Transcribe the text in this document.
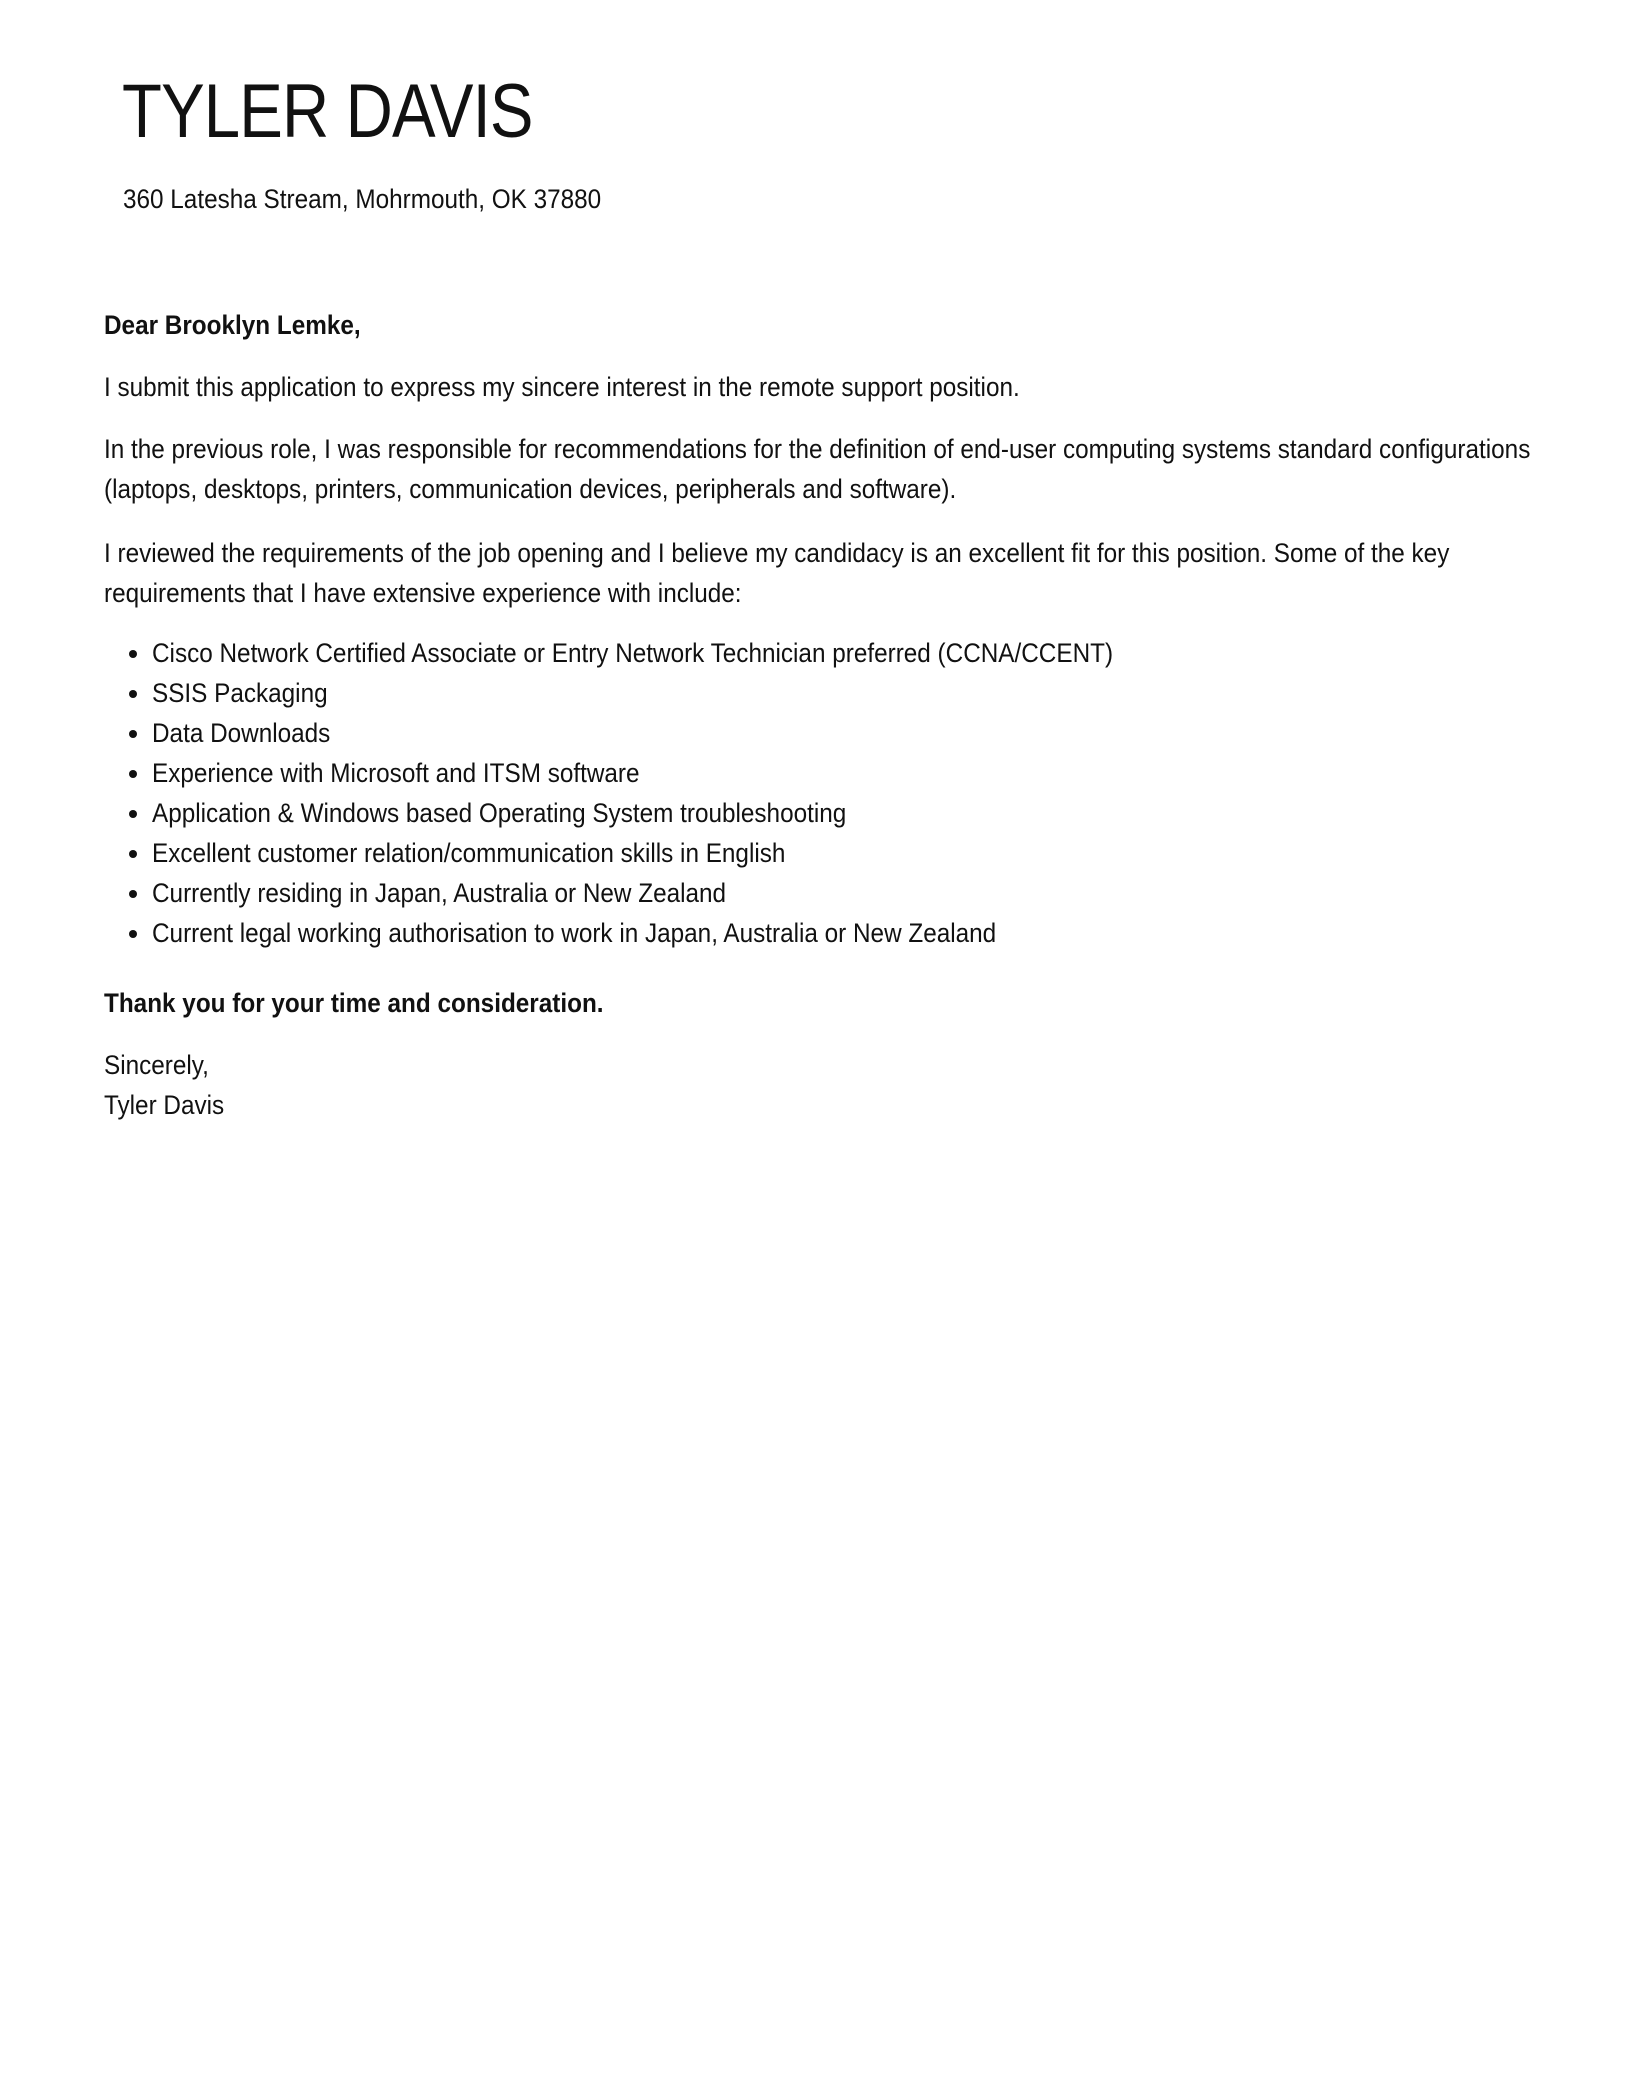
TYLER DAVIS
360 Latesha Stream, Mohrmouth, OK 37880

Dear Brooklyn Lemke,

I submit this application to express my sincere interest in the remote support position.

In the previous role, I was responsible for recommendations for the definition of end-user computing systems standard configurations (laptops, desktops, printers, communication devices, peripherals and software).
I reviewed the requirements of the job opening and I believe my candidacy is an excellent fit for this position. Some of the key requirements that I have extensive experience with include:
• Cisco Network Certified Associate or Entry Network Technician preferred (CCNA/CCENT)
• SSIS Packaging
• Data Downloads
• Experience with Microsoft and ITSM software
• Application & Windows based Operating System troubleshooting
• Excellent customer relation/communication skills in English
• Currently residing in Japan, Australia or New Zealand
• Current legal working authorisation to work in Japan, Australia or New Zealand

Thank you for your time and consideration.

Sincerely,

Tyler Davis
